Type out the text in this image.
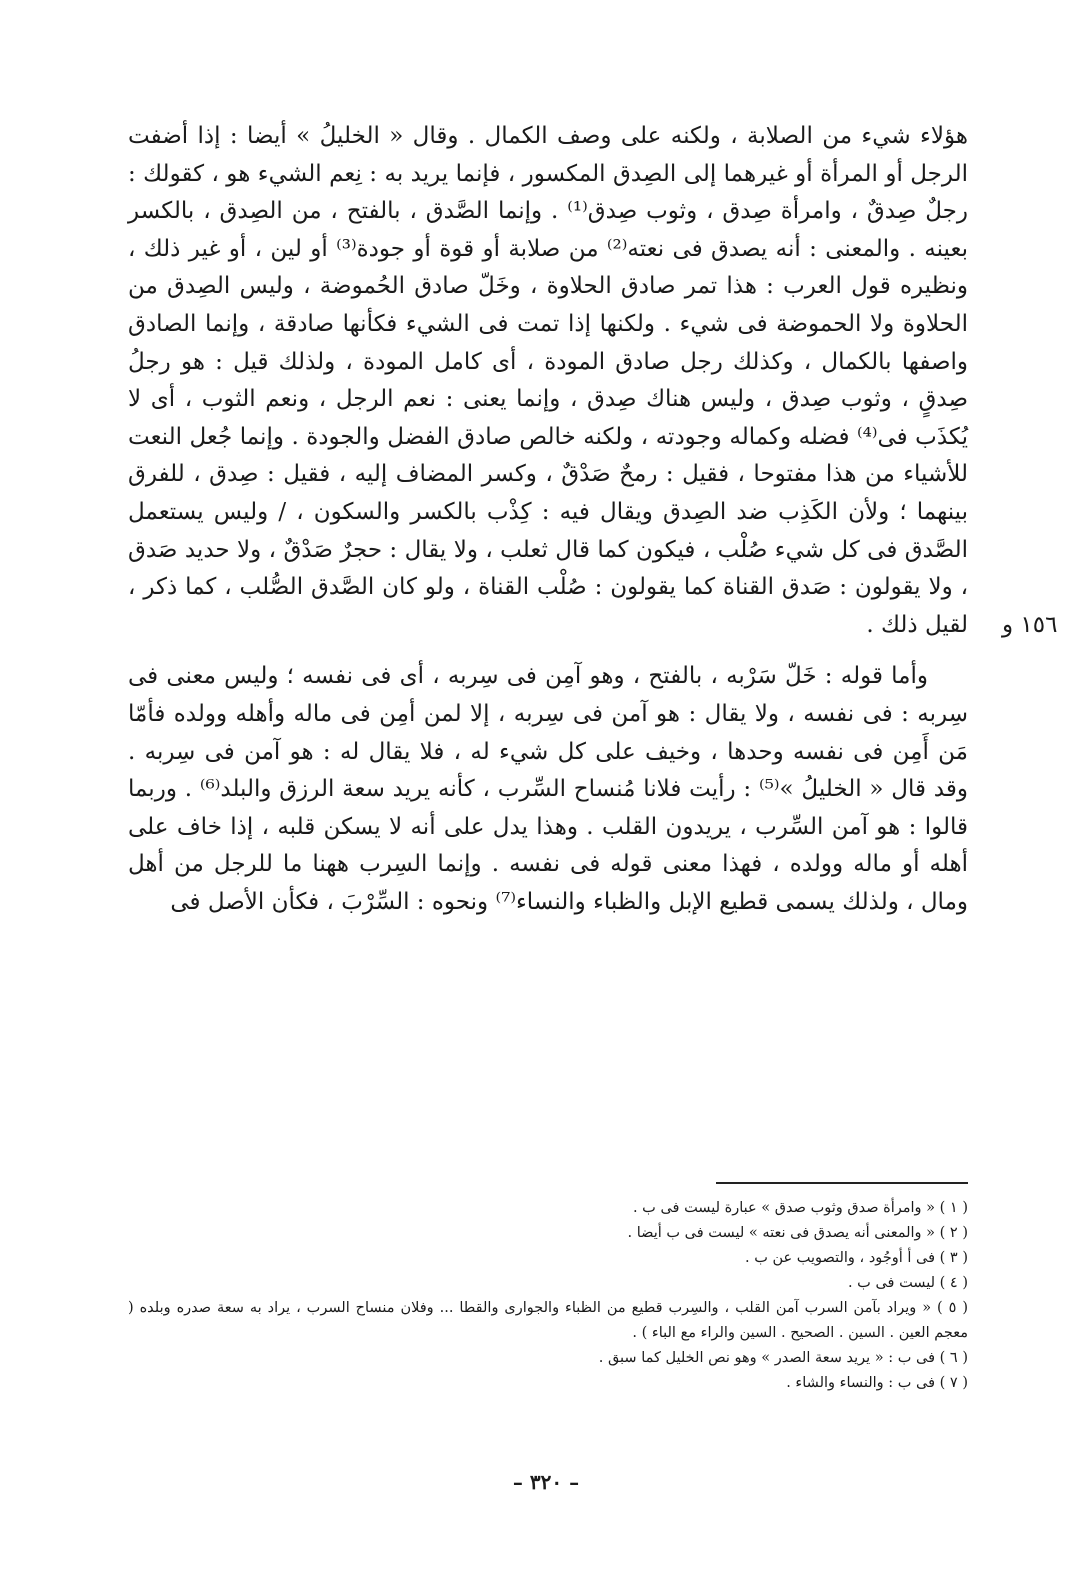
هؤلاء شيء من الصلابة ، ولكنه على وصف الكمال . وقال « الخليلُ » أيضا : إذا أضفت الرجل أو المرأة أو غيرهما إلى الصِدق المكسور ، فإنما يريد به : نِعم الشيء هو ، كقولك : رجلٌ صِدقٌ ، وامرأة صِدق ، وثوب صِدق⁽¹⁾ . وإنما الصَّدق ، بالفتح ، من الصِدق ، بالكسر بعينه . والمعنى : أنه يصدق فى نعته⁽²⁾ من صلابة أو قوة أو جودة⁽³⁾ أو لين ، أو غير ذلك ، ونظيره قول العرب : هذا تمر صادق الحلاوة ، وخَلّ صادق الحُموضة ، وليس الصِدق من الحلاوة ولا الحموضة فى شيء . ولكنها إذا تمت فى الشيء فكأنها صادقة ، وإنما الصادق واصفها بالكمال ، وكذلك رجل صادق المودة ، أى كامل المودة ، ولذلك قيل : هو رجلُ صِدقٍ ، وثوب صِدق ، وليس هناك صِدق ، وإنما يعنى : نعم الرجل ، ونعم الثوب ، أى لا يُكذَب فى⁽⁴⁾ فضله وكماله وجودته ، ولكنه خالص صادق الفضل والجودة . وإنما جُعل النعت للأشياء من هذا مفتوحا ، فقيل : رمحٌ صَدْقٌ ، وكسر المضاف إليه ، فقيل : صِدق ، للفرق بينهما ؛ ولأن الكَذِب ضد الصِدق ويقال فيه : كِذْب بالكسر والسكون ، / وليس يستعمل الصَّدق فى كل شيء صُلْب ، فيكون كما قال ثعلب ، ولا يقال : حجرٌ صَدْقٌ ، ولا حديد صَدق ، ولا يقولون : صَدق القناة كما يقولون : صُلْب القناة ، ولو كان الصَّدق الصُّلب ، كما ذكر ، لقيل ذلك .

وأما قوله : خَلّ سَرْبه ، بالفتح ، وهو آمِن فى سِربه ، أى فى نفسه ؛ وليس معنى فى سِربه : فى نفسه ، ولا يقال : هو آمن فى سِربه ، إلا لمن أمِن فى ماله وأهله وولده فأمّا مَن أَمِن فى نفسه وحدها ، وخيف على كل شيء له ، فلا يقال له : هو آمن فى سِربه . وقد قال « الخليلُ »⁽⁵⁾ : رأيت فلانا مُنساح السِّرب ، كأنه يريد سعة الرزق والبلد⁽⁶⁾ . وربما قالوا : هو آمن السِّرب ، يريدون القلب . وهذا يدل على أنه لا يسكن قلبه ، إذا خاف على أهله أو ماله وولده ، فهذا معنى قوله فى نفسه . وإنما السِرب ههنا ما للرجل من أهل ومال ، ولذلك يسمى قطيع الإبل والظباء والنساء⁽⁷⁾ ونحوه : السِّرْبَ ، فكأن الأصل فى

١٥٦ و

( ١ ) « وامرأة صدق وثوب صدق » عبارة ليست فى ب .

( ٢ ) « والمعنى أنه يصدق فى نعته » ليست فى ب أيضا .

( ٣ ) فى أ أوجُود ، والتصويب عن ب .

( ٤ ) ليست فى ب .

( ٥ ) « ويراد بآمن السرب آمن القلب ، والسِرب قطيع من الظباء والجوارى والقطا ... وفلان منساح السرب ، يراد به سعة صدره وبلده ( معجم العين . السين . الصحيح . السين والراء مع الباء ) .

( ٦ ) فى ب : « يريد سعة الصدر » وهو نص الخليل كما سبق .

( ٧ ) فى ب : والنساء والشاء .

– ٣٢٠ –
